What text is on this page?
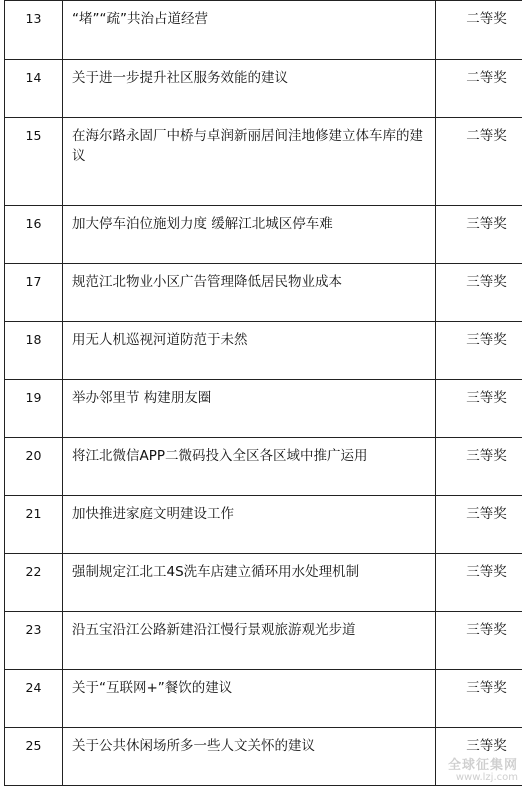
13	“堵”“疏”共治占道经营	二等奖
14	关于进一步提升社区服务效能的建议	二等奖
15	在海尔路永固厂中桥与卓润新丽居间洼地修建立体车库的建议	二等奖
16	加大停车泊位施划力度 缓解江北城区停车难	三等奖
17	规范江北物业小区广告管理降低居民物业成本	三等奖
18	用无人机巡视河道防范于未然	三等奖
19	举办邻里节 构建朋友圈	三等奖
20	将江北微信APP二微码投入全区各区域中推广运用	三等奖
21	加快推进家庭文明建设工作	三等奖
22	强制规定江北工4S洗车店建立循环用水处理机制	三等奖
23	沿五宝沿江公路新建沿江慢行景观旅游观光步道	三等奖
24	关于“互联网+”餐饮的建议	三等奖
25	关于公共休闲场所多一些人文关怀的建议	三等奖
全球征集网
www.lzj.com
